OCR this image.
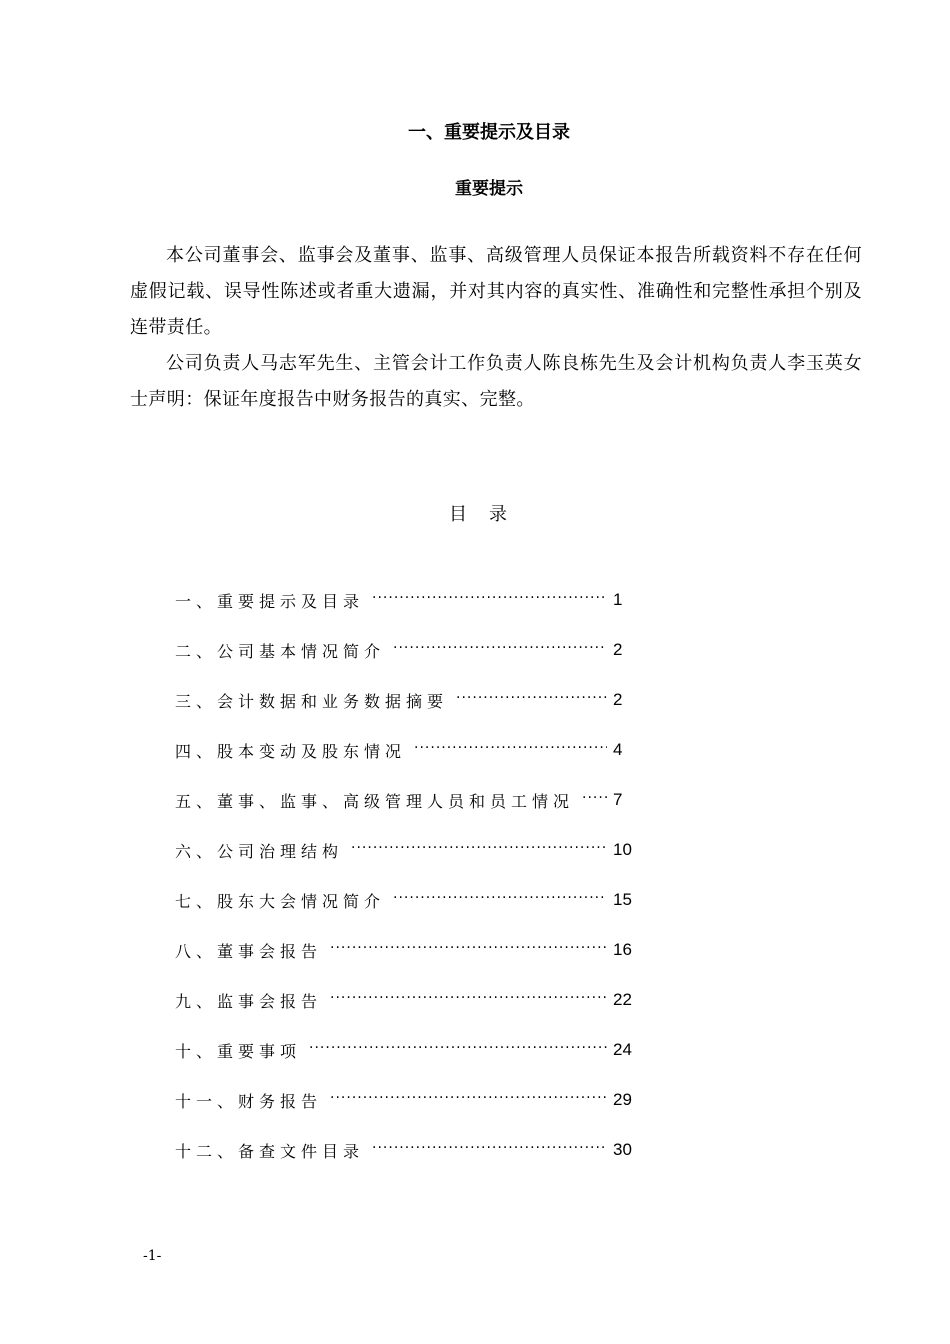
一、重要提示及目录
重要提示
本公司董事会、监事会及董事、监事、高级管理人员保证本报告所载资料不存在任何虚假记载、误导性陈述或者重大遗漏，并对其内容的真实性、准确性和完整性承担个别及连带责任。
公司负责人马志军先生、主管会计工作负责人陈良栋先生及会计机构负责人李玉英女士声明：保证年度报告中财务报告的真实、完整。
目录
一、重要提示及目录 ·····	1
二、公司基本情况简介 ·····	2
三、会计数据和业务数据摘要 ·····	2
四、股本变动及股东情况 ·····	4
五、董事、监事、高级管理人员和员工情况 ····· 7
六、公司治理结构 ·····	10
七、股东大会情况简介 ·····	15
八、董事会报告 ·····	16
九、监事会报告 ·····	22
十、重要事项 ·····	24
十一、财务报告 ·····	29
十二、备查文件目录 ·····	30
-1-
